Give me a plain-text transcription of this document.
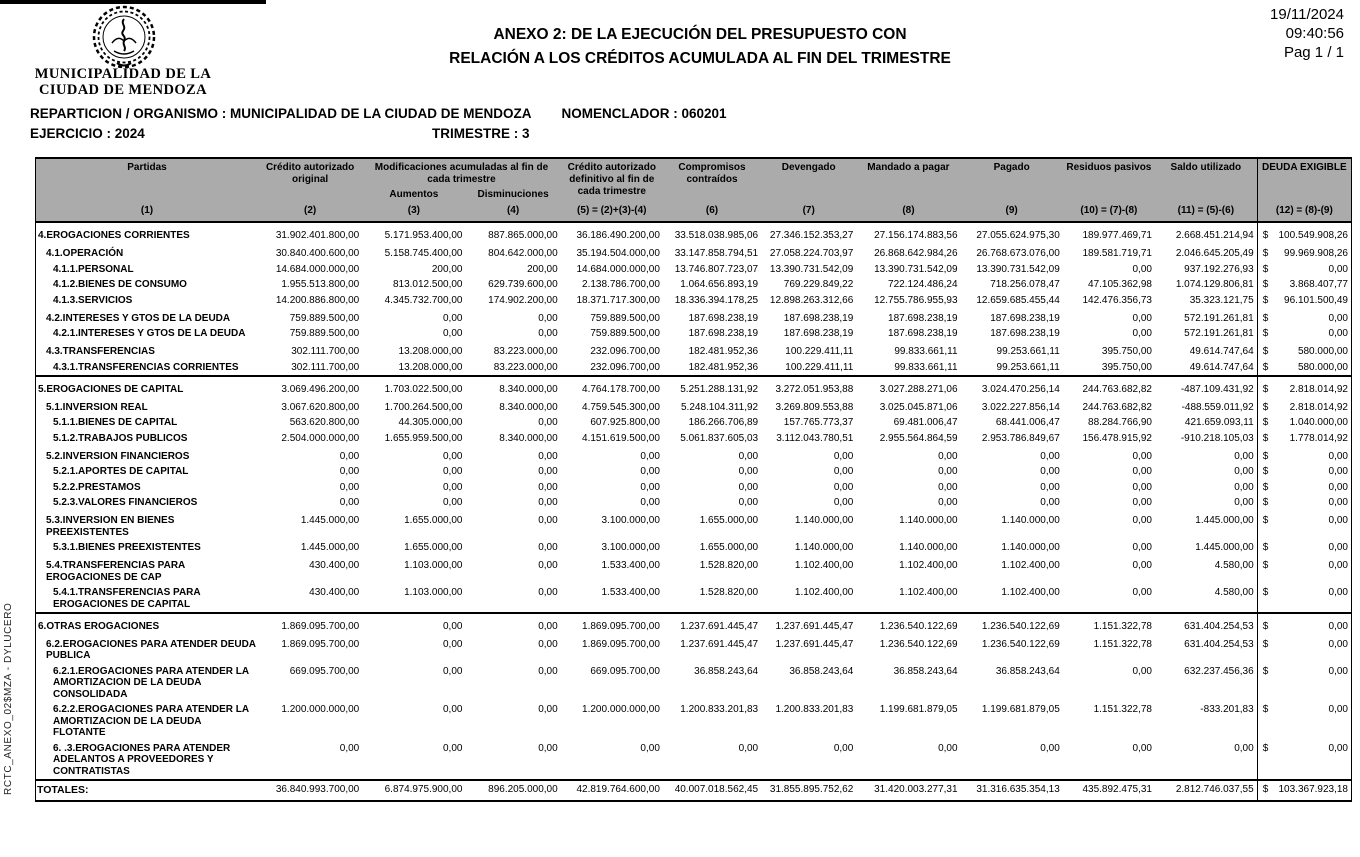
MUNICIPALIDAD DE LA
CIUDAD DE MENDOZA
ANEXO 2: DE LA EJECUCIÓN DEL PRESUPUESTO CON
RELACIÓN A LOS CRÉDITOS ACUMULADA AL FIN DEL TRIMESTRE
19/11/2024
09:40:56
Pag 1 / 1
REPARTICION / ORGANISMO : MUNICIPALIDAD DE LA CIUDAD DE MENDOZA NOMENCLADOR : 060201
EJERCICIO : 2024	TRIMESTRE : 3
RCTC_ANEXO_02$MZA - DYLUCERO
Partidas	Crédito autorizado original	Modificaciones acumuladas al fin de cada trimestre		Crédito autorizado definitivo al fin de cada trimestre	Compromisos contraídos	Devengado	Mandado a pagar	Pagado	Residuos pasivos	Saldo utilizado	DEUDA EXIGIBLE
		Aumentos	Disminuciones								
(1)	(2)	(3)	(4)	(5) = (2)+(3)-(4)	(6)	(7)	(8)	(9)	(10) = (7)-(8)	(11) = (5)-(6)	(12) = (8)-(9)
4.EROGACIONES CORRIENTES	31.902.401.800,00	5.171.953.400,00	887.865.000,00	36.186.490.200,00	33.518.038.985,06	27.346.152.353,27	27.156.174.883,56	27.055.624.975,30	189.977.469,71	2.668.451.214,94	$ 100.549.908,26

4.1.OPERACIÓN	30.840.400.600,00	5.158.745.400,00	804.642.000,00	35.194.504.000,00	33.147.858.794,51	27.058.224.703,97	26.868.642.984,26	26.768.673.076,00	189.581.719,71	2.046.645.205,49	$ 99.969.908,26

4.1.1.PERSONAL	14.684.000.000,00	200,00	200,00	14.684.000.000,00	13.746.807.723,07	13.390.731.542,09	13.390.731.542,09	13.390.731.542,09	0,00	937.192.276,93	$ 0,00

4.1.2.BIENES DE CONSUMO	1.955.513.800,00	813.012.500,00	629.739.600,00	2.138.786.700,00	1.064.656.893,19	769.229.849,22	722.124.486,24	718.256.078,47	47.105.362,98	1.074.129.806,81	$ 3.868.407,77

4.1.3.SERVICIOS	14.200.886.800,00	4.345.732.700,00	174.902.200,00	18.371.717.300,00	18.336.394.178,25	12.898.263.312,66	12.755.786.955,93	12.659.685.455,44	142.476.356,73	35.323.121,75	$ 96.101.500,49

4.2.INTERESES Y GTOS DE LA DEUDA	759.889.500,00	0,00	0,00	759.889.500,00	187.698.238,19	187.698.238,19	187.698.238,19	187.698.238,19	0,00	572.191.261,81	$ 0,00

4.2.1.INTERESES Y GTOS DE LA DEUDA	759.889.500,00	0,00	0,00	759.889.500,00	187.698.238,19	187.698.238,19	187.698.238,19	187.698.238,19	0,00	572.191.261,81	$ 0,00

4.3.TRANSFERENCIAS	302.111.700,00	13.208.000,00	83.223.000,00	232.096.700,00	182.481.952,36	100.229.411,11	99.833.661,11	99.253.661,11	395.750,00	49.614.747,64	$ 580.000,00

4.3.1.TRANSFERENCIAS CORRIENTES	302.111.700,00	13.208.000,00	83.223.000,00	232.096.700,00	182.481.952,36	100.229.411,11	99.833.661,11	99.253.661,11	395.750,00	49.614.747,64	$ 580.000,00

5.EROGACIONES DE CAPITAL	3.069.496.200,00	1.703.022.500,00	8.340.000,00	4.764.178.700,00	5.251.288.131,92	3.272.051.953,88	3.027.288.271,06	3.024.470.256,14	244.763.682,82	-487.109.431,92	$ 2.818.014,92

5.1.INVERSION REAL	3.067.620.800,00	1.700.264.500,00	8.340.000,00	4.759.545.300,00	5.248.104.311,92	3.269.809.553,88	3.025.045.871,06	3.022.227.856,14	244.763.682,82	-488.559.011,92	$ 2.818.014,92

5.1.1.BIENES DE CAPITAL	563.620.800,00	44.305.000,00	0,00	607.925.800,00	186.266.706,89	157.765.773,37	69.481.006,47	68.441.006,47	88.284.766,90	421.659.093,11	$ 1.040.000,00

5.1.2.TRABAJOS PUBLICOS	2.504.000.000,00	1.655.959.500,00	8.340.000,00	4.151.619.500,00	5.061.837.605,03	3.112.043.780,51	2.955.564.864,59	2.953.786.849,67	156.478.915,92	-910.218.105,03	$ 1.778.014,92

5.2.INVERSION FINANCIEROS	0,00	0,00	0,00	0,00	0,00	0,00	0,00	0,00	0,00	0,00	$ 0,00

5.2.1.APORTES DE CAPITAL	0,00	0,00	0,00	0,00	0,00	0,00	0,00	0,00	0,00	0,00	$ 0,00

5.2.2.PRESTAMOS	0,00	0,00	0,00	0,00	0,00	0,00	0,00	0,00	0,00	0,00	$ 0,00

5.2.3.VALORES FINANCIEROS	0,00	0,00	0,00	0,00	0,00	0,00	0,00	0,00	0,00	0,00	$ 0,00

5.3.INVERSION EN BIENES PREEXISTENTES	1.445.000,00	1.655.000,00	0,00	3.100.000,00	1.655.000,00	1.140.000,00	1.140.000,00	1.140.000,00	0,00	1.445.000,00	$ 0,00

5.3.1.BIENES PREEXISTENTES	1.445.000,00	1.655.000,00	0,00	3.100.000,00	1.655.000,00	1.140.000,00	1.140.000,00	1.140.000,00	0,00	1.445.000,00	$ 0,00

5.4.TRANSFERENCIAS PARA EROGACIONES DE CAP	430.400,00	1.103.000,00	0,00	1.533.400,00	1.528.820,00	1.102.400,00	1.102.400,00	1.102.400,00	0,00	4.580,00	$ 0,00

5.4.1.TRANSFERENCIAS PARA EROGACIONES DE CAPITAL	430.400,00	1.103.000,00	0,00	1.533.400,00	1.528.820,00	1.102.400,00	1.102.400,00	1.102.400,00	0,00	4.580,00	$ 0,00

6.OTRAS EROGACIONES	1.869.095.700,00	0,00	0,00	1.869.095.700,00	1.237.691.445,47	1.237.691.445,47	1.236.540.122,69	1.236.540.122,69	1.151.322,78	631.404.254,53	$ 0,00

6.2.EROGACIONES PARA ATENDER DEUDA PUBLICA	1.869.095.700,00	0,00	0,00	1.869.095.700,00	1.237.691.445,47	1.237.691.445,47	1.236.540.122,69	1.236.540.122,69	1.151.322,78	631.404.254,53	$ 0,00

6.2.1.EROGACIONES PARA ATENDER LA AMORTIZACION DE LA DEUDA CONSOLIDADA	669.095.700,00	0,00	0,00	669.095.700,00	36.858.243,64	36.858.243,64	36.858.243,64	36.858.243,64	0,00	632.237.456,36	$ 0,00

6.2.2.EROGACIONES PARA ATENDER LA AMORTIZACION DE LA DEUDA FLOTANTE	1.200.000.000,00	0,00	0,00	1.200.000.000,00	1.200.833.201,83	1.200.833.201,83	1.199.681.879,05	1.199.681.879,05	1.151.322,78	-833.201,83	$ 0,00

6. .3.EROGACIONES PARA ATENDER ADELANTOS A PROVEEDORES Y CONTRATISTAS	0,00	0,00	0,00	0,00	0,00	0,00	0,00	0,00	0,00	0,00	$ 0,00

TOTALES:	36.840.993.700,00	6.874.975.900,00	896.205.000,00	42.819.764.600,00	40.007.018.562,45	31.855.895.752,62	31.420.003.277,31	31.316.635.354,13	435.892.475,31	2.812.746.037,55	$ 103.367.923,18
